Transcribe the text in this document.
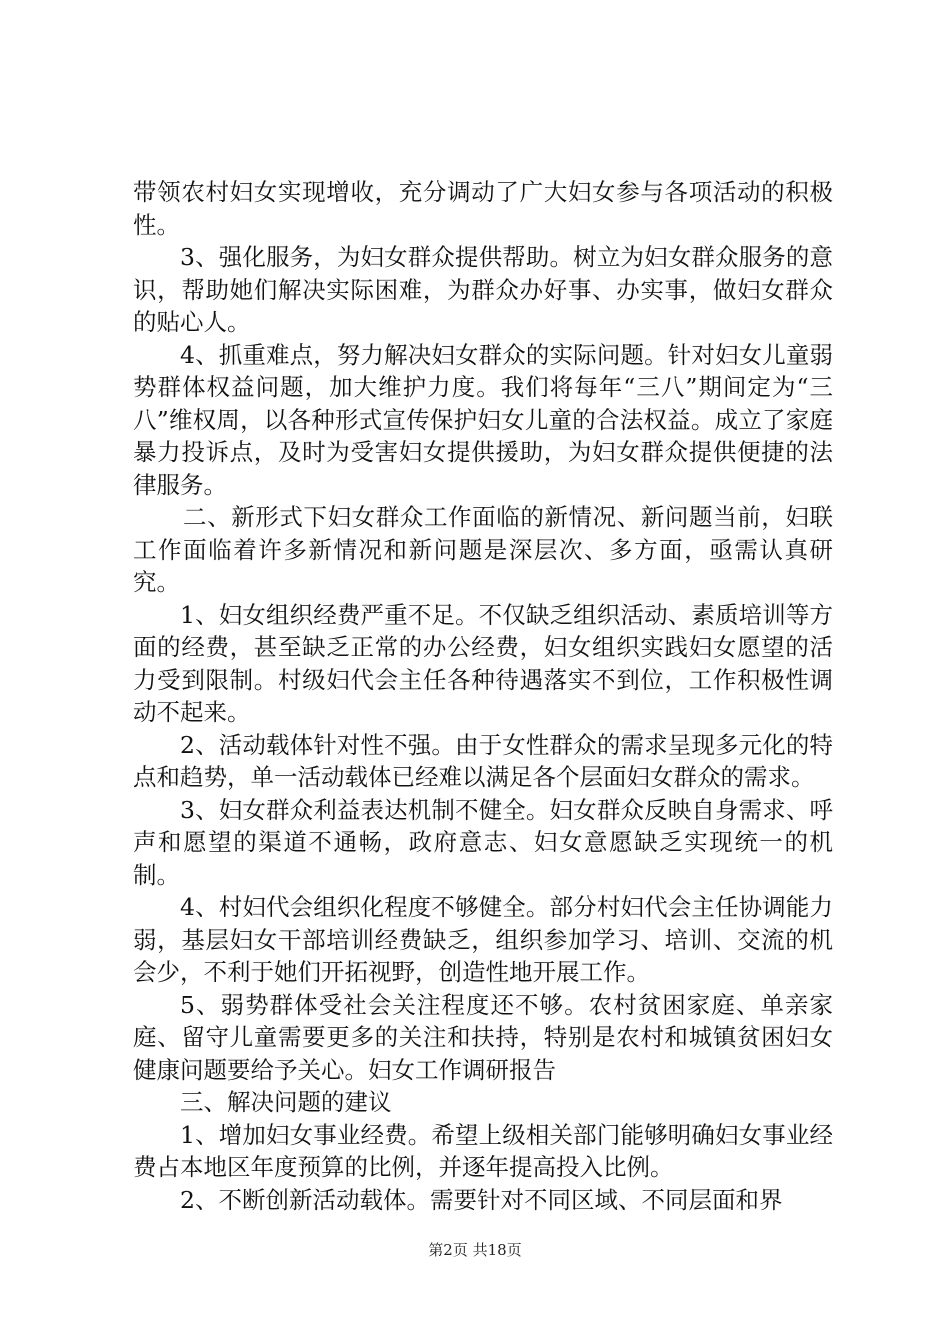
带领农村妇女实现增收，充分调动了广大妇女参与各项活动的积极性。

3、强化服务，为妇女群众提供帮助。树立为妇女群众服务的意识，帮助她们解决实际困难，为群众办好事、办实事，做妇女群众的贴心人。

4、抓重难点，努力解决妇女群众的实际问题。针对妇女儿童弱势群体权益问题，加大维护力度。我们将每年“三八”期间定为“三八”维权周，以各种形式宣传保护妇女儿童的合法权益。成立了家庭暴力投诉点，及时为受害妇女提供援助，为妇女群众提供便捷的法律服务。

二、新形式下妇女群众工作面临的新情况、新问题当前，妇联工作面临着许多新情况和新问题是深层次、多方面，亟需认真研究。

1、妇女组织经费严重不足。不仅缺乏组织活动、素质培训等方面的经费，甚至缺乏正常的办公经费，妇女组织实践妇女愿望的活力受到限制。村级妇代会主任各种待遇落实不到位，工作积极性调动不起来。

2、活动载体针对性不强。由于女性群众的需求呈现多元化的特点和趋势，单一活动载体已经难以满足各个层面妇女群众的需求。

3、妇女群众利益表达机制不健全。妇女群众反映自身需求、呼声和愿望的渠道不通畅，政府意志、妇女意愿缺乏实现统一的机制。

4、村妇代会组织化程度不够健全。部分村妇代会主任协调能力弱，基层妇女干部培训经费缺乏，组织参加学习、培训、交流的机会少，不利于她们开拓视野，创造性地开展工作。

5、弱势群体受社会关注程度还不够。农村贫困家庭、单亲家庭、留守儿童需要更多的关注和扶持，特别是农村和城镇贫困妇女健康问题要给予关心。妇女工作调研报告

三、解决问题的建议

1、增加妇女事业经费。希望上级相关部门能够明确妇女事业经费占本地区年度预算的比例，并逐年提高投入比例。

2、不断创新活动载体。需要针对不同区域、不同层面和界

第2页 共18页
